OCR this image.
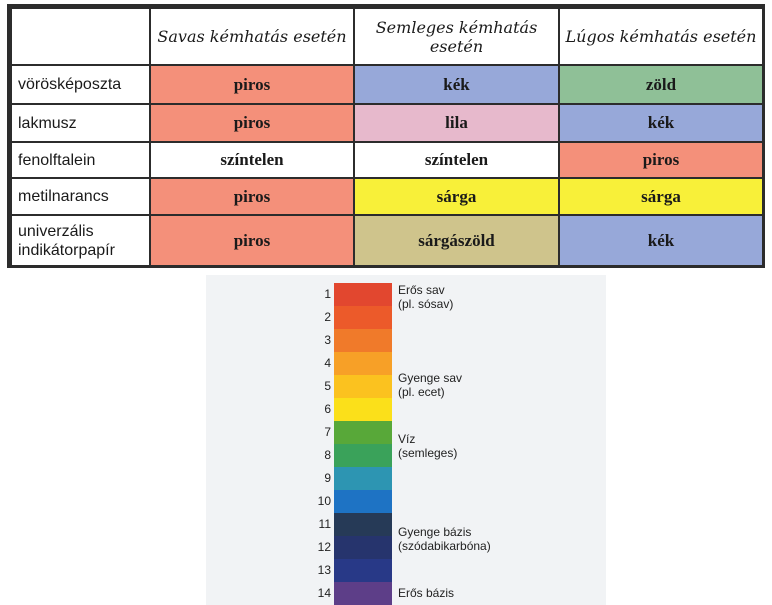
	Savas kémhatás esetén	Semleges kémhatás esetén	Lúgos kémhatás esetén
vörösképoszta	piros	kék	zöld
lakmusz	piros	lila	kék
fenolftalein	színtelen	színtelen	piros
metilnarancs	piros	sárga	sárga
univerzális indikátorpapír	piros	sárgászöld	kék
1
2
3
4
5
6
7
8
9
10
11
12
13
14
Erős sav
(pl. sósav)
Gyenge sav
(pl. ecet)
Víz
(semleges)
Gyenge bázis
(szódabikarbóna)
Erős bázis
